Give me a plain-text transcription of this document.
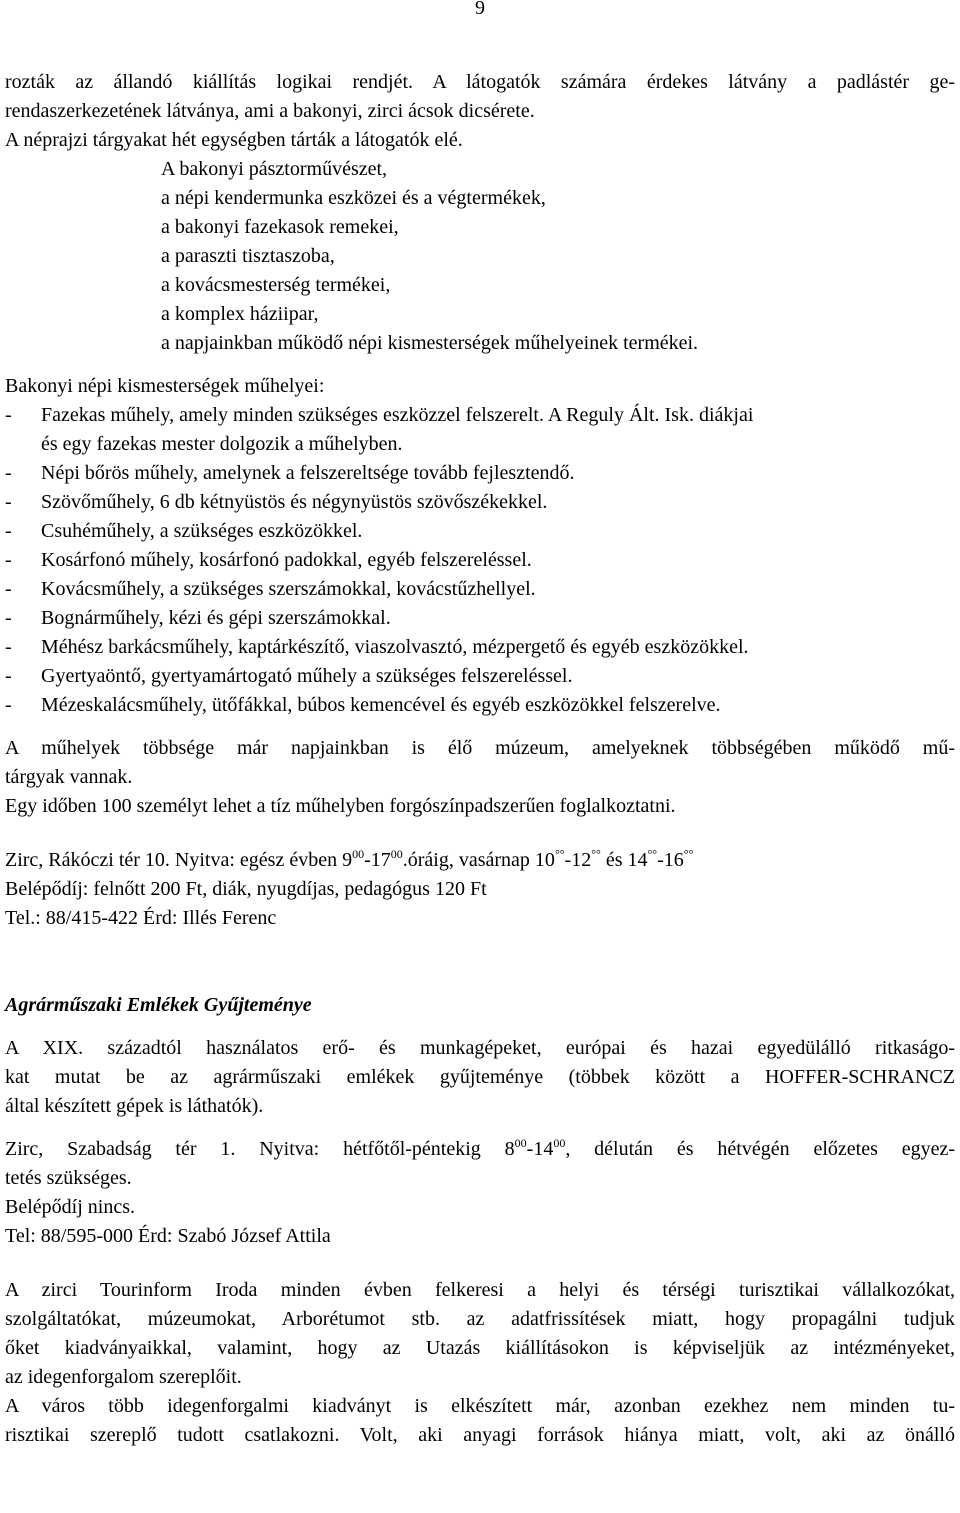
9
rozták az állandó kiállítás logikai rendjét. A látogatók számára érdekes látvány a padlástér ge-
rendaszerkezetének látványa, ami a bakonyi, zirci ácsok dicsérete.
A néprajzi tárgyakat hét egységben tárták a látogatók elé.
A bakonyi pásztorművészet,
a népi kendermunka eszközei és a végtermékek,
a bakonyi fazekasok remekei,
a paraszti tisztaszoba,
a kovácsmesterség termékei,
a komplex háziipar,
a napjainkban működő népi kismesterségek műhelyeinek termékei.
Bakonyi népi kismesterségek műhelyei:
-	Fazekas műhely, amely minden szükséges eszközzel felszerelt. A Reguly Ált. Isk. diákjai
és egy fazekas mester dolgozik a műhelyben.
-	Népi bőrös műhely, amelynek a felszereltsége tovább fejlesztendő.
-	Szövőműhely, 6 db kétnyüstös és négynyüstös szövőszékekkel.
-	Csuhéműhely, a szükséges eszközökkel.
-	Kosárfonó műhely, kosárfonó padokkal, egyéb felszereléssel.
-	Kovácsműhely, a szükséges szerszámokkal, kovácstűzhellyel.
-	Bognárműhely, kézi és gépi szerszámokkal.
-	Méhész barkácsműhely, kaptárkészítő, viaszolvasztó, mézpergető és egyéb eszközökkel.
-	Gyertyaöntő, gyertyamártogató műhely a szükséges felszereléssel.
-	Mézeskalácsműhely, ütőfákkal, búbos kemencével és egyéb eszközökkel felszerelve.
A műhelyek többsége már napjainkban is élő múzeum, amelyeknek többségében működő mű-
tárgyak vannak.
Egy időben 100 személyt lehet a tíz műhelyben forgószínpadszerűen foglalkoztatni.
Zirc, Rákóczi tér 10. Nyitva: egész évben $9^{00}-17^{00}.óráig$, vasárnap 10°°-12°° és 14°°-16°°
Belépődíj: felnőtt 200 Ft, diák, nyugdíjas, pedagógus 120 Ft
Tel.: 88/415-422 Érd: Illés Ferenc
Agrárműszaki Emlékek Gyűjteménye
A XIX. századtól használatos erő- és munkagépeket, európai és hazai egyedülálló ritkaságo-
kat mutat be az agrárműszaki emlékek gyűjteménye (többek között a HOFFER-SCHRANCZ
által készített gépek is láthatók).
Zirc, Szabadság tér 1. Nyitva: hétfőtől-péntekig $8^{00}-14^{00}$, délután és hétvégén előzetes egyez-
tetés szükséges.
Belépődíj nincs.
Tel: 88/595-000 Érd: Szabó József Attila
A zirci Tourinform Iroda minden évben felkeresi a helyi és térségi turisztikai vállalkozókat,
szolgáltatókat, múzeumokat, Arborétumot stb. az adatfrissítések miatt, hogy propagálni tudjuk
őket kiadványaikkal, valamint, hogy az Utazás kiállításokon is képviseljük az intézményeket,
az idegenforgalom szereplőit.
A város több idegenforgalmi kiadványt is elkészített már, azonban ezekhez nem minden tu-
risztikai szereplő tudott csatlakozni. Volt, aki anyagi források hiánya miatt, volt, aki az önálló
